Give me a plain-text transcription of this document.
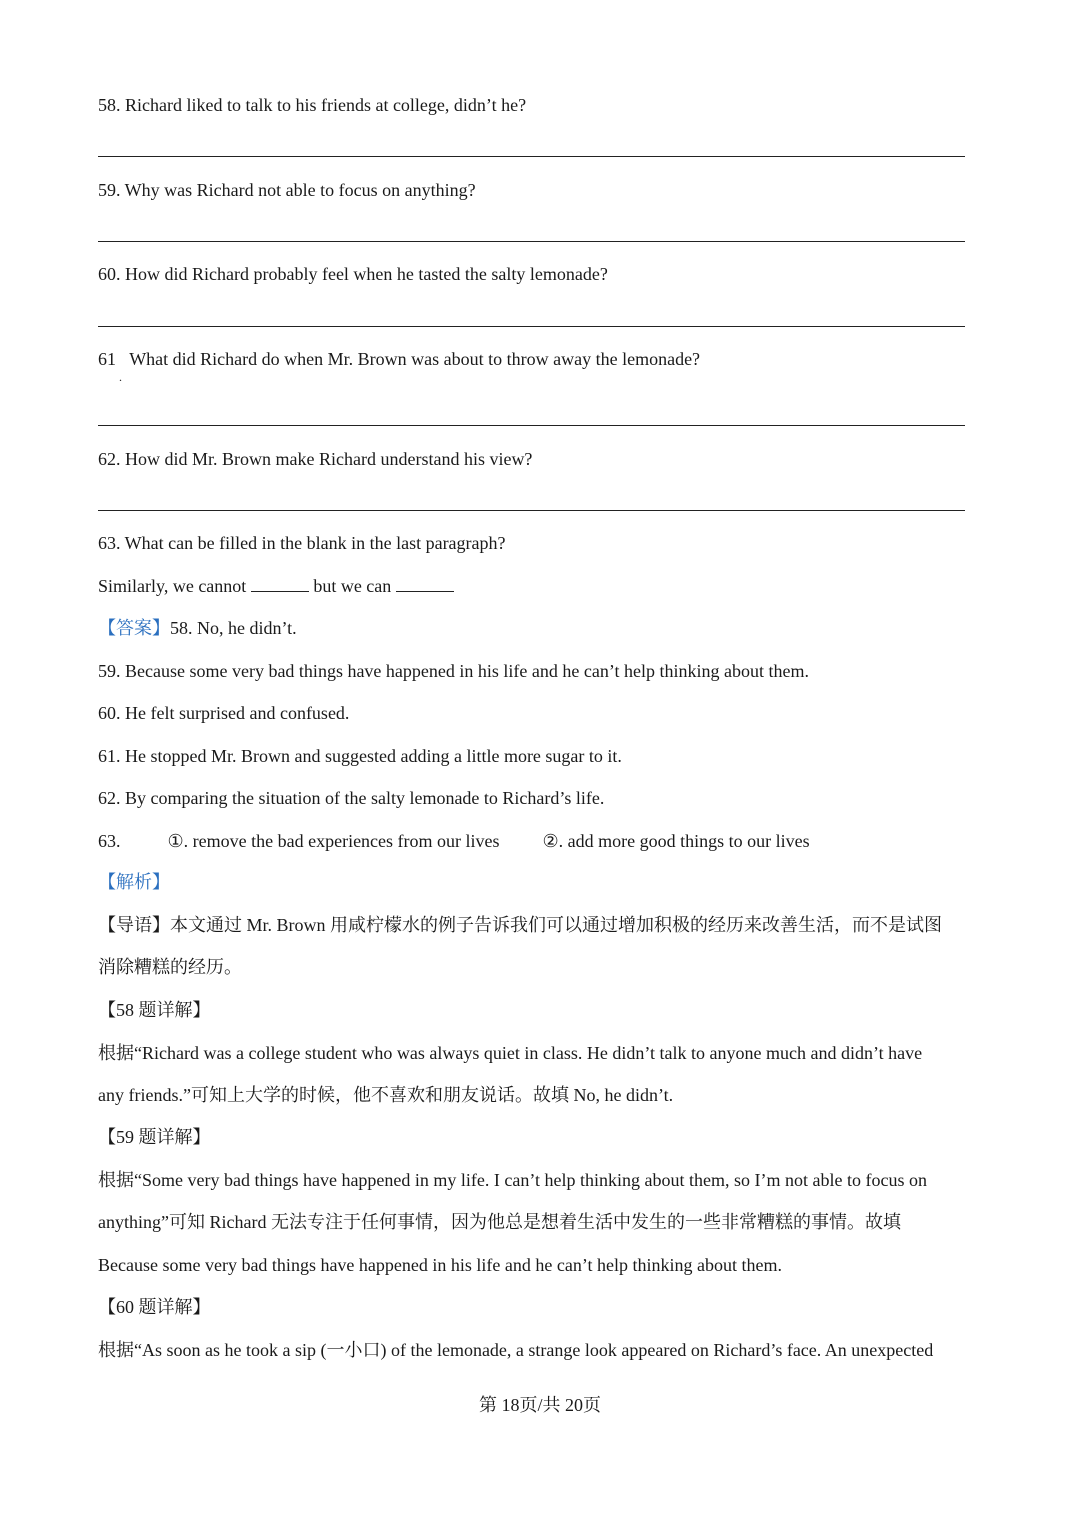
58. Richard liked to talk to his friends at college, didn’t he?
59. Why was Richard not able to focus on anything?
60. How did Richard probably feel when he tasted the salty lemonade?
61 What did Richard do when Mr. Brown was about to throw away the lemonade?
.
62. How did Mr. Brown make Richard understand his view?
63. What can be filled in the blank in the last paragraph?
Similarly, we cannot	but we can
【答案】58. No, he didn’t.
59. Because some very bad things have happened in his life and he can’t help thinking about them.
60. He felt surprised and confused.
61. He stopped Mr. Brown and suggested adding a little more sugar to it.
62. By comparing the situation of the salty lemonade to Richard’s life.
63.	①. remove the bad experiences from our lives ②. add more good things to our lives
【解析】
【导语】本文通过 Mr. Brown 用咸柠檬水的例子告诉我们可以通过增加积极的经历来改善生活，而不是试图
消除糟糕的经历。
【58 题详解】
根据“Richard was a college student who was always quiet in class. He didn’t talk to anyone much and didn’t have
any friends.”可知上大学的时候，他不喜欢和朋友说话。故填 No, he didn’t.
【59 题详解】
根据“Some very bad things have happened in my life. I can’t help thinking about them, so I’m not able to focus on
anything”可知 Richard 无法专注于任何事情，因为他总是想着生活中发生的一些非常糟糕的事情。故填
Because some very bad things have happened in his life and he can’t help thinking about them.
【60 题详解】
根据“As soon as he took a sip (一小口) of the lemonade, a strange look appeared on Richard’s face. An unexpected
第 18页/共 20页
